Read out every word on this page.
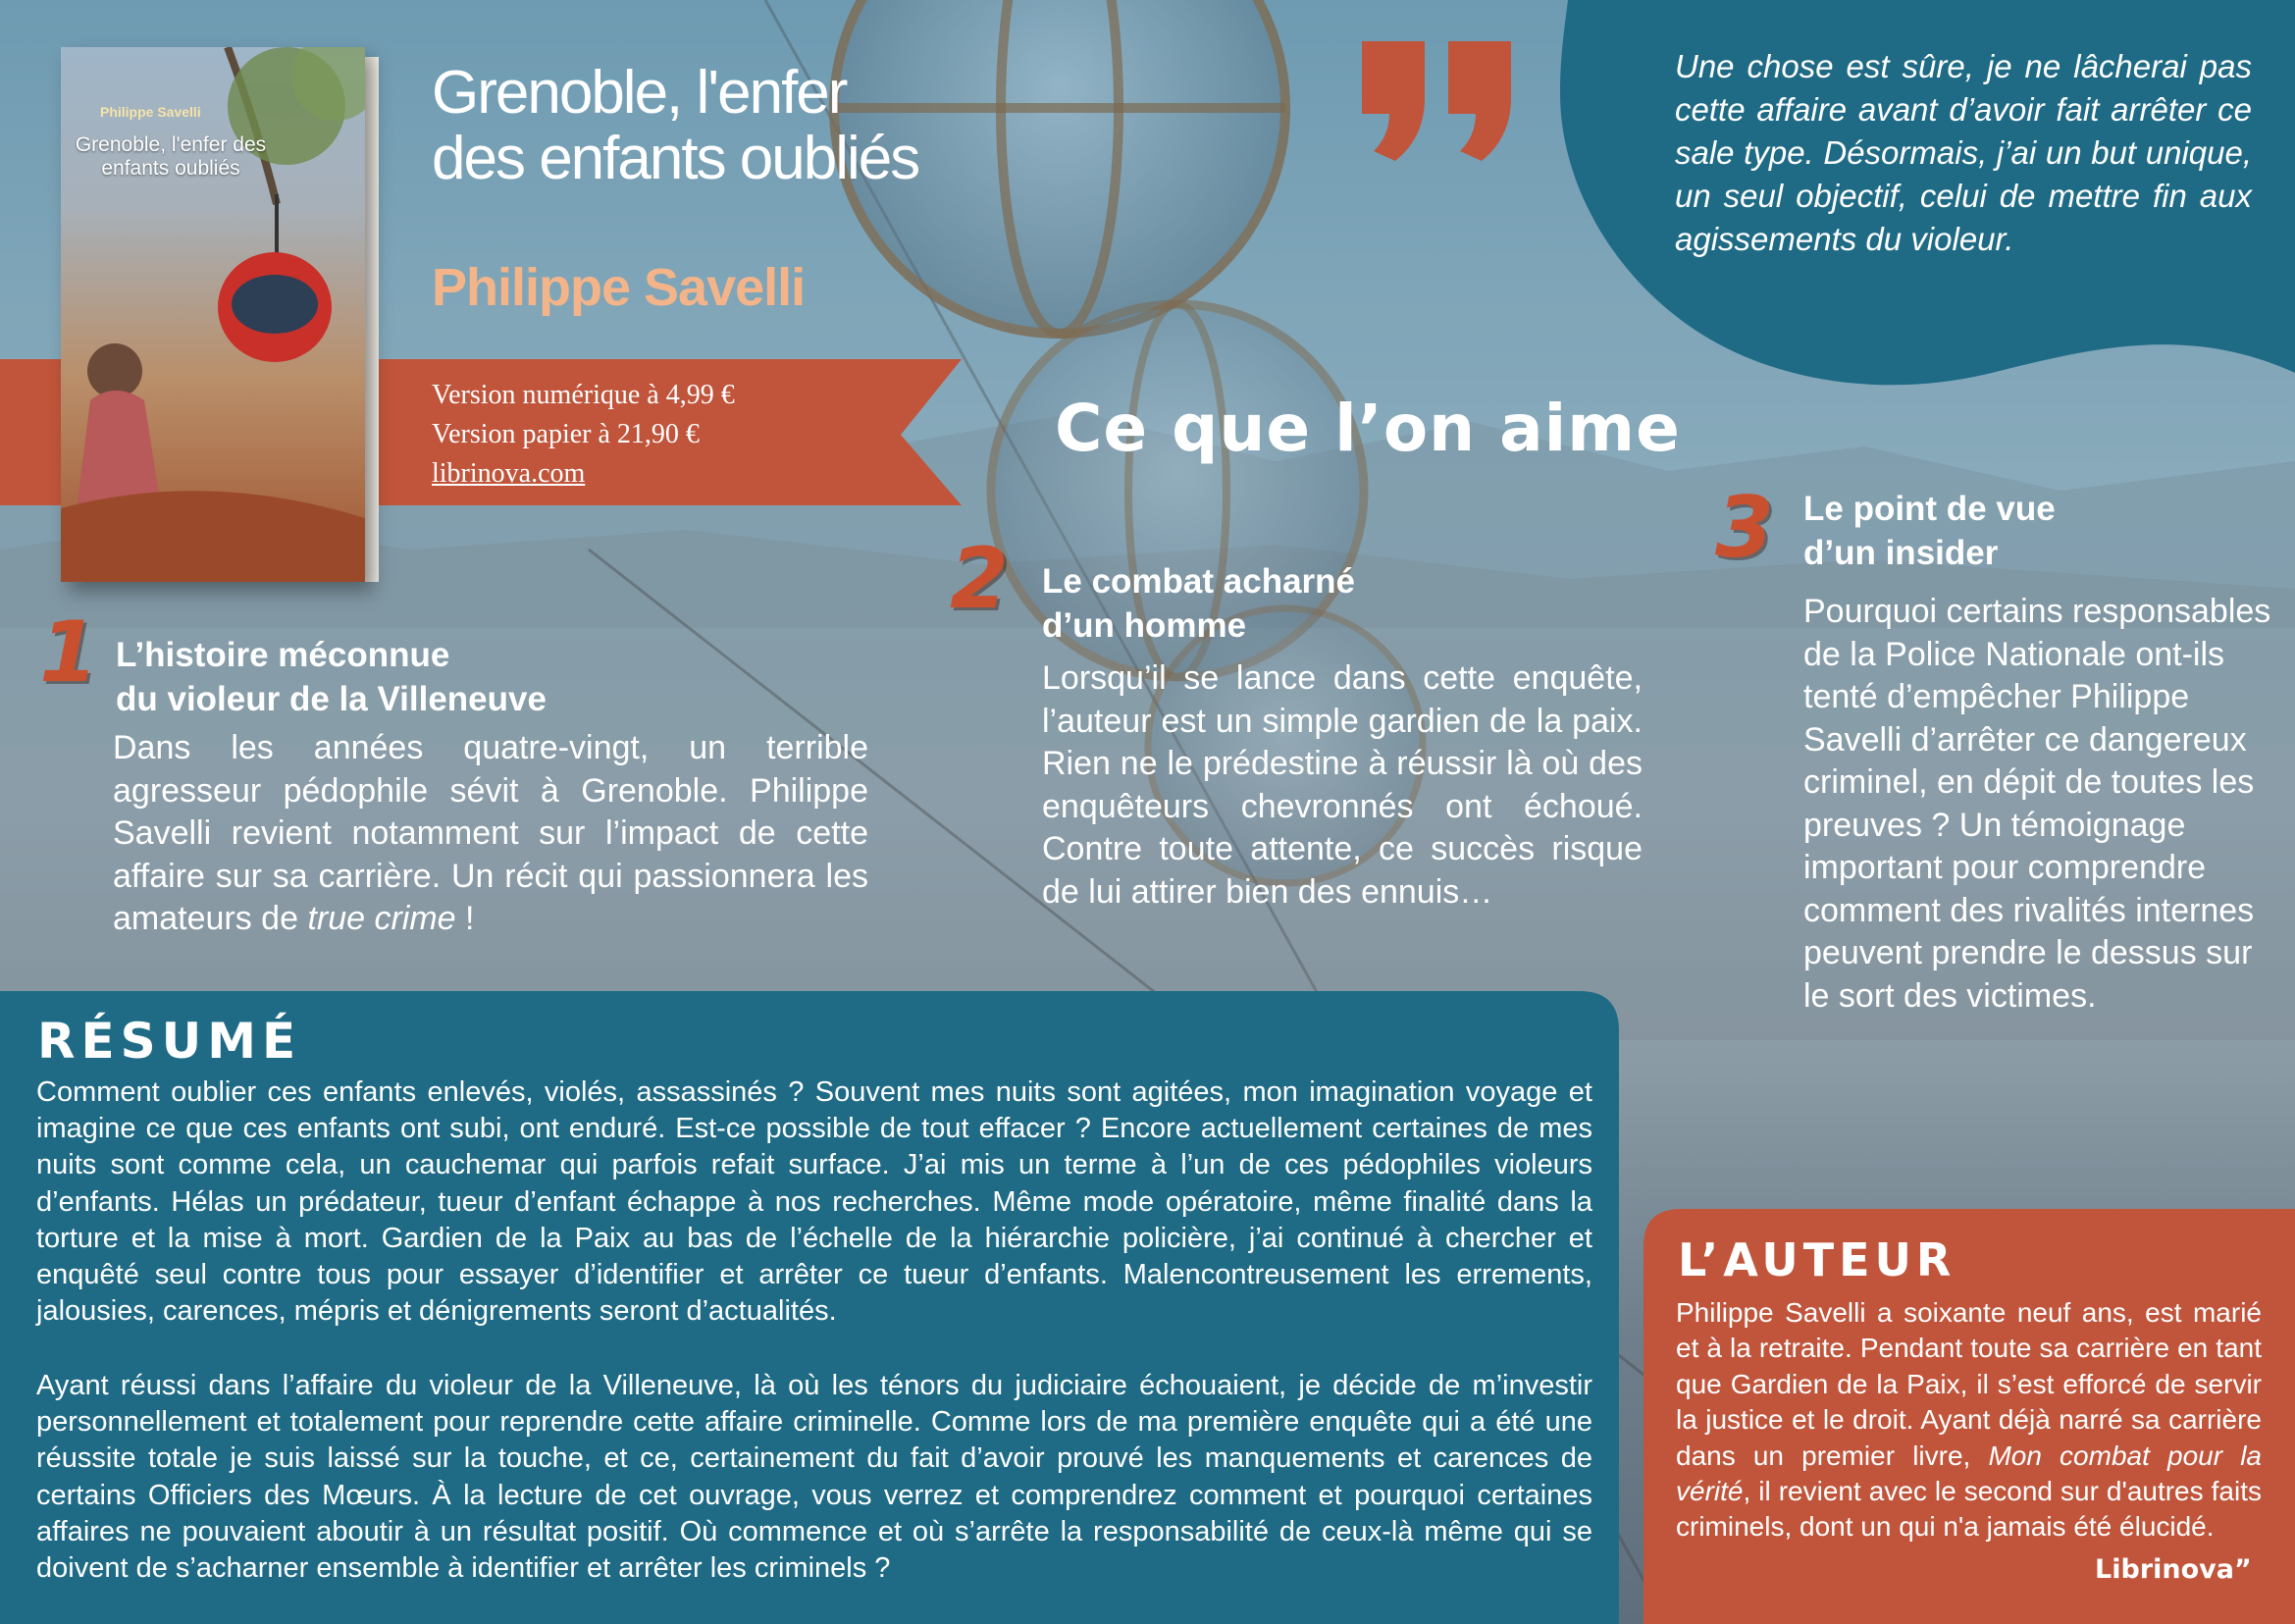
Philippe Savelli
Grenoble, l'enfer des enfants oubliés
Grenoble, l'enfer
des enfants oubliés
Philippe Savelli
Version numérique à 4,99 €
Version papier à 21,90 €
librinova.com
Une chose est sûre, je ne lâcherai pas cette affaire avant d’avoir fait arrêter ce sale type. Désormais, j’ai un but unique, un seul objectif, celui de mettre fin aux agissements du violeur.
Ce que l’on aime
1 L’histoire méconnue
du violeur de la Villeneuve
Dans les années quatre-vingt, un terrible agresseur pédophile sévit à Grenoble. Philippe Savelli revient notamment sur l’impact de cette affaire sur sa carrière. Un récit qui passionnera les amateurs de true crime !
2 Le combat acharné
d’un homme
Lorsqu’il se lance dans cette enquête, l’auteur est un simple gardien de la paix. Rien ne le prédestine à réussir là où des enquêteurs chevronnés ont échoué. Contre toute attente, ce succès risque de lui attirer bien des ennuis…
3 Le point de vue
d’un insider
Pourquoi certains responsables de la Police Nationale ont-ils tenté d’empêcher Philippe Savelli d’arrêter ce dangereux criminel, en dépit de toutes les preuves ? Un témoignage important pour comprendre comment des rivalités internes peuvent prendre le dessus sur le sort des victimes.
RÉSUMÉ
Comment oublier ces enfants enlevés, violés, assassinés ? Souvent mes nuits sont agitées, mon imagination voyage et imagine ce que ces enfants ont subi, ont enduré. Est-ce possible de tout effacer ? Encore actuellement certaines de mes nuits sont comme cela, un cauchemar qui parfois refait surface. J’ai mis un terme à l’un de ces pédophiles violeurs d’enfants. Hélas un prédateur, tueur d’enfant échappe à nos recherches. Même mode opératoire, même finalité dans la torture et la mise à mort. Gardien de la Paix au bas de l’échelle de la hiérarchie policière, j’ai continué à chercher et enquêté seul contre tous pour essayer d’identifier et arrêter ce tueur d’enfants. Malencontreusement les errements, jalousies, carences, mépris et dénigrements seront d’actualités.
Ayant réussi dans l’affaire du violeur de la Villeneuve, là où les ténors du judiciaire échouaient, je décide de m’investir personnellement et totalement pour reprendre cette affaire criminelle. Comme lors de ma première enquête qui a été une réussite totale je suis laissé sur la touche, et ce, certainement du fait d’avoir prouvé les manquements et carences de certains Officiers des Mœurs. À la lecture de cet ouvrage, vous verrez et comprendrez comment et pourquoi certaines affaires ne pouvaient aboutir à un résultat positif. Où commence et où s’arrête la responsabilité de ceux-là même qui se doivent de s’acharner ensemble à identifier et arrêter les criminels ?
L’AUTEUR
Philippe Savelli a soixante neuf ans, est marié et à la retraite. Pendant toute sa carrière en tant que Gardien de la Paix, il s’est efforcé de servir la justice et le droit. Ayant déjà narré sa carrière dans un premier livre, Mon combat pour la vérité, il revient avec le second sur d'autres faits criminels, dont un qui n'a jamais été élucidé.
Librinova”
